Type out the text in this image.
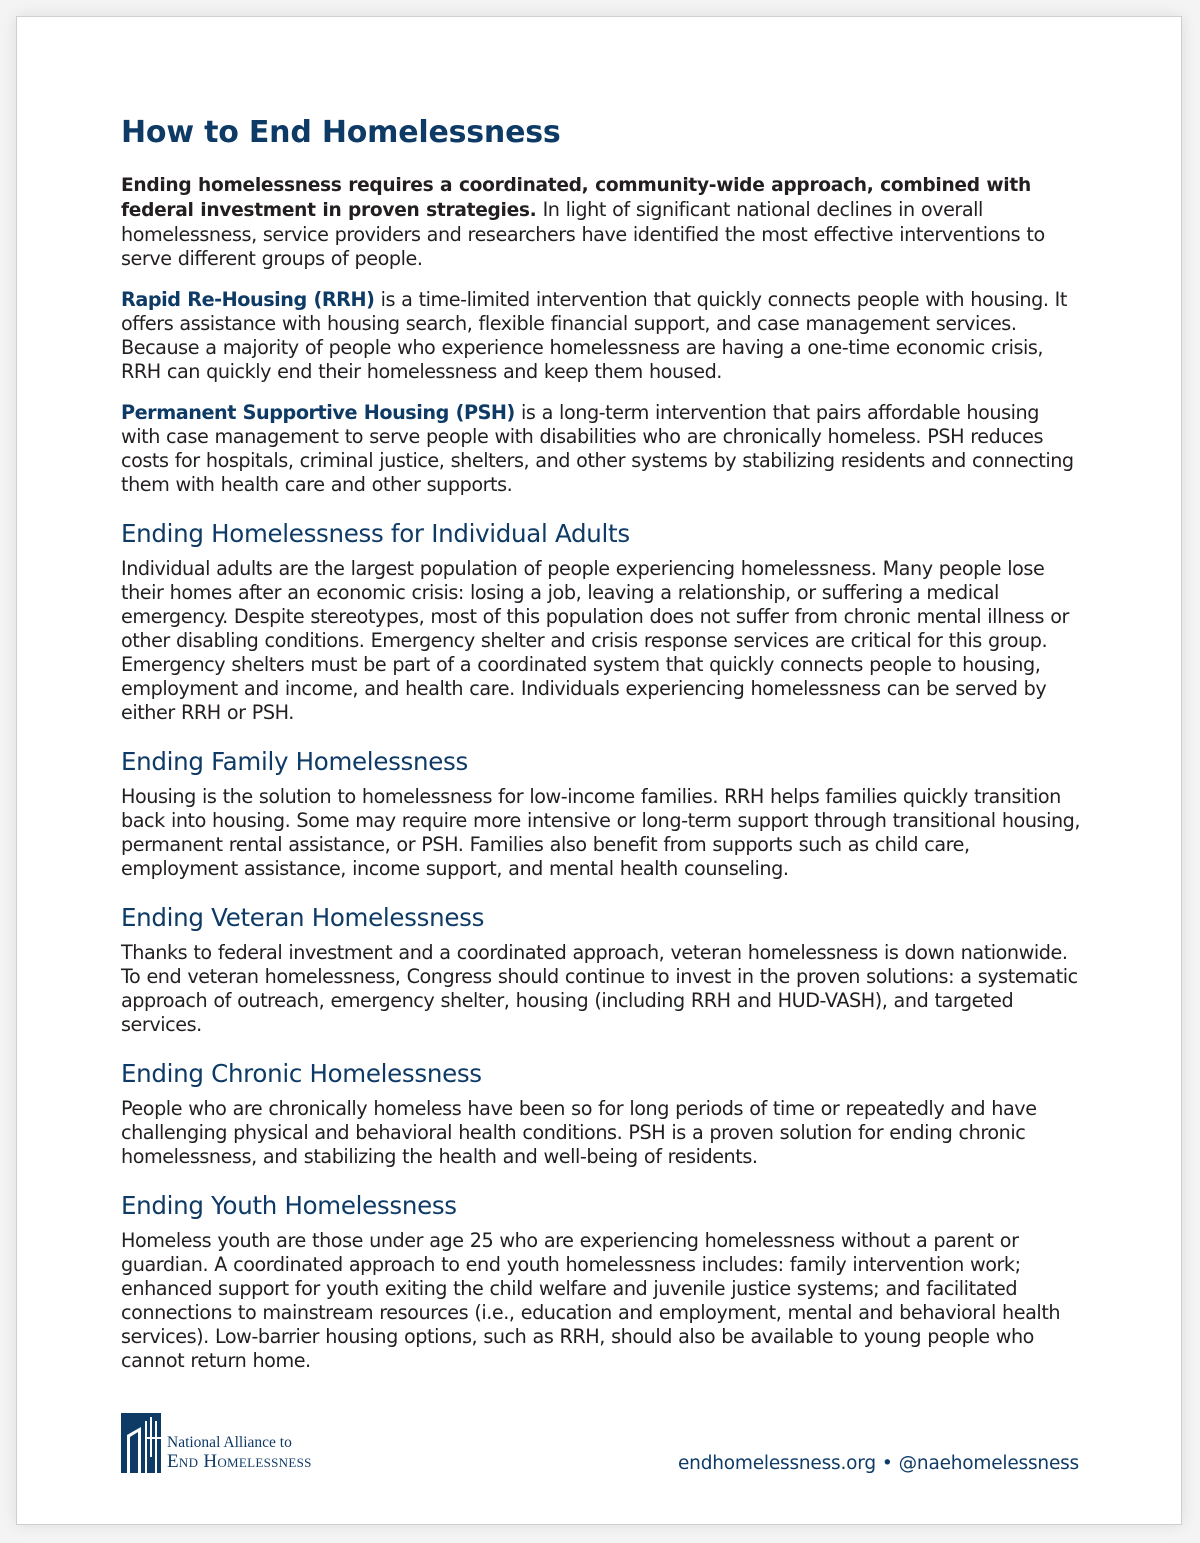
How to End Homelessness

Ending homelessness requires a coordinated, community-wide approach, combined with federal investment in proven strategies. In light of significant national declines in overall homelessness, service providers and researchers have identified the most effective interventions to serve different groups of people.

Rapid Re-Housing (RRH) is a time-limited intervention that quickly connects people with housing. It offers assistance with housing search, flexible financial support, and case management services. Because a majority of people who experience homelessness are having a one-time economic crisis, RRH can quickly end their homelessness and keep them housed.

Permanent Supportive Housing (PSH) is a long-term intervention that pairs affordable housing with case management to serve people with disabilities who are chronically homeless. PSH reduces costs for hospitals, criminal justice, shelters, and other systems by stabilizing residents and connecting them with health care and other supports.

Ending Homelessness for Individual Adults

Individual adults are the largest population of people experiencing homelessness. Many people lose their homes after an economic crisis: losing a job, leaving a relationship, or suffering a medical emergency. Despite stereotypes, most of this population does not suffer from chronic mental illness or other disabling conditions. Emergency shelter and crisis response services are critical for this group. Emergency shelters must be part of a coordinated system that quickly connects people to housing, employment and income, and health care. Individuals experiencing homelessness can be served by either RRH or PSH.

Ending Family Homelessness

Housing is the solution to homelessness for low-income families. RRH helps families quickly transition back into housing. Some may require more intensive or long-term support through transitional housing, permanent rental assistance, or PSH. Families also benefit from supports such as child care, employment assistance, income support, and mental health counseling.

Ending Veteran Homelessness

Thanks to federal investment and a coordinated approach, veteran homelessness is down nationwide. To end veteran homelessness, Congress should continue to invest in the proven solutions: a systematic approach of outreach, emergency shelter, housing (including RRH and HUD-VASH), and targeted services.

Ending Chronic Homelessness

People who are chronically homeless have been so for long periods of time or repeatedly and have challenging physical and behavioral health conditions. PSH is a proven solution for ending chronic homelessness, and stabilizing the health and well-being of residents.

Ending Youth Homelessness

Homeless youth are those under age 25 who are experiencing homelessness without a parent or guardian. A coordinated approach to end youth homelessness includes: family intervention work; enhanced support for youth exiting the child welfare and juvenile justice systems; and facilitated connections to mainstream resources (i.e., education and employment, mental and behavioral health services). Low-barrier housing options, such as RRH, should also be available to young people who cannot return home.

National Alliance to
End Homelessness	endhomelessness.org • @naehomelessness
